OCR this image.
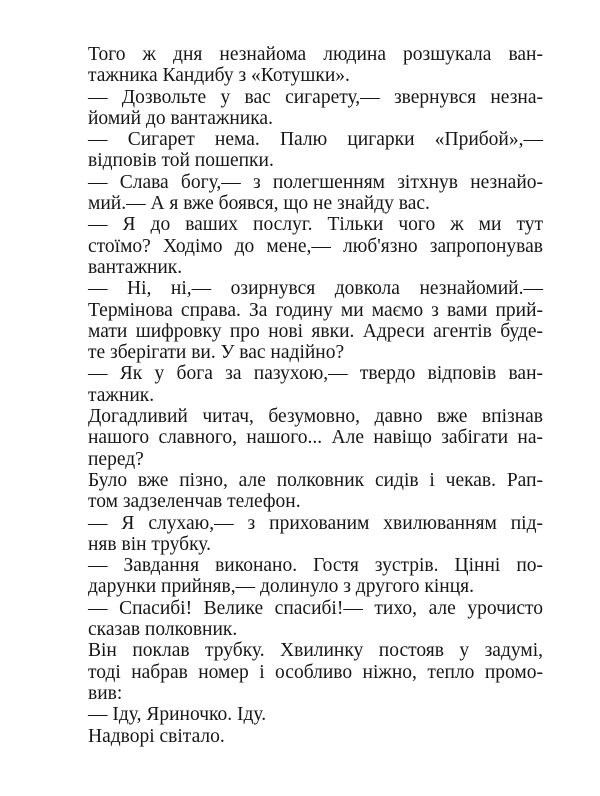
Того ж дня незнайома людина розшукала ван-
тажника Кандибу з «Котушки».
— Дозвольте у вас сигарету,— звернувся незна-
йомий до вантажника.
— Сигарет нема. Палю цигарки «Прибой»,—
відповів той пошепки.
— Слава богу,— з полегшенням зітхнув незнайо-
мий.— А я вже боявся, що не знайду вас.
— Я до ваших послуг. Тільки чого ж ми тут
стоїмо? Ходімо до мене,— люб'язно запропонував
вантажник.
— Ні, ні,— озирнувся довкола незнайомий.—
Термінова справа. За годину ми маємо з вами прий-
мати шифровку про нові явки. Адреси агентів буде-
те зберігати ви. У вас надійно?
— Як у бога за пазухою,— твердо відповів ван-
тажник.
Догадливий читач, безумовно, давно вже впізнав
нашого славного, нашого... Але навіщо забігати на-
перед?
Було вже пізно, але полковник сидів і чекав. Рап-
том задзеленчав телефон.
— Я слухаю,— з прихованим хвилюванням під-
няв він трубку.
— Завдання виконано. Гостя зустрів. Цінні по-
дарунки прийняв,— долинуло з другого кінця.
— Спасибі! Велике спасибі!— тихо, але урочисто
сказав полковник.
Він поклав трубку. Хвилинку постояв у задумі,
тоді набрав номер і особливо ніжно, тепло промо-
вив:
— Іду, Яриночко. Іду.
Надворі світало.
